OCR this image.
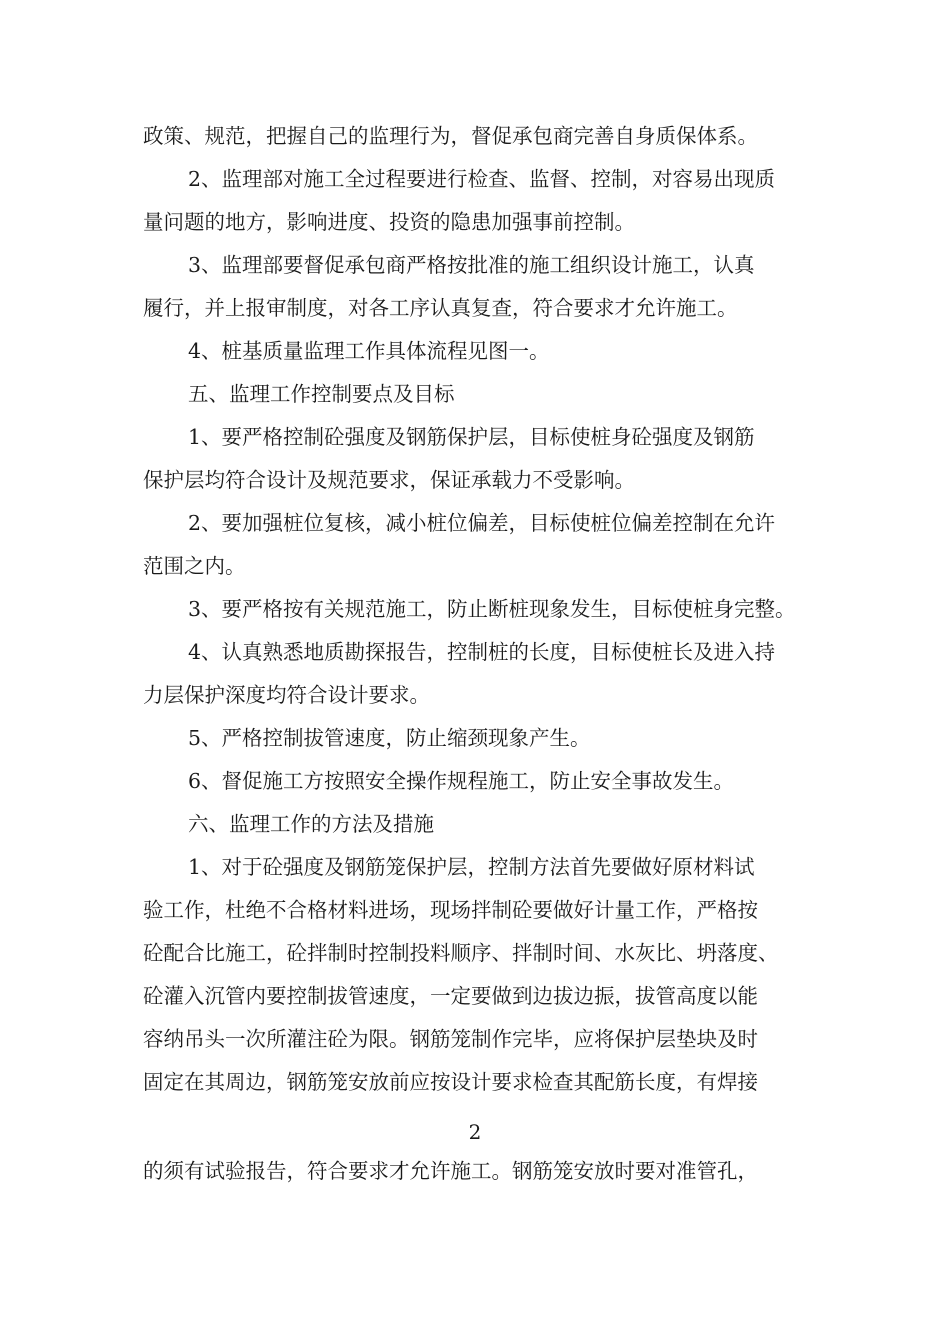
政策、规范，把握自己的监理行为，督促承包商完善自身质保体系。
2、监理部对施工全过程要进行检查、监督、控制，对容易出现质
量问题的地方，影响进度、投资的隐患加强事前控制。
3、监理部要督促承包商严格按批准的施工组织设计施工，认真
履行，并上报审制度，对各工序认真复查，符合要求才允许施工。
4、桩基质量监理工作具体流程见图一。
五、监理工作控制要点及目标
1、要严格控制砼强度及钢筋保护层，目标使桩身砼强度及钢筋
保护层均符合设计及规范要求，保证承载力不受影响。
2、要加强桩位复核，减小桩位偏差，目标使桩位偏差控制在允许
范围之内。
3、要严格按有关规范施工，防止断桩现象发生，目标使桩身完整。
4、认真熟悉地质勘探报告，控制桩的长度，目标使桩长及进入持
力层保护深度均符合设计要求。
5、严格控制拔管速度，防止缩颈现象产生。
6、督促施工方按照安全操作规程施工，防止安全事故发生。
六、监理工作的方法及措施
1、对于砼强度及钢筋笼保护层，控制方法首先要做好原材料试
验工作，杜绝不合格材料进场，现场拌制砼要做好计量工作，严格按
砼配合比施工，砼拌制时控制投料顺序、拌制时间、水灰比、坍落度、
砼灌入沉管内要控制拔管速度，一定要做到边拔边振，拔管高度以能
容纳吊头一次所灌注砼为限。钢筋笼制作完毕，应将保护层垫块及时
固定在其周边，钢筋笼安放前应按设计要求检查其配筋长度，有焊接
2
的须有试验报告，符合要求才允许施工。钢筋笼安放时要对准管孔，
